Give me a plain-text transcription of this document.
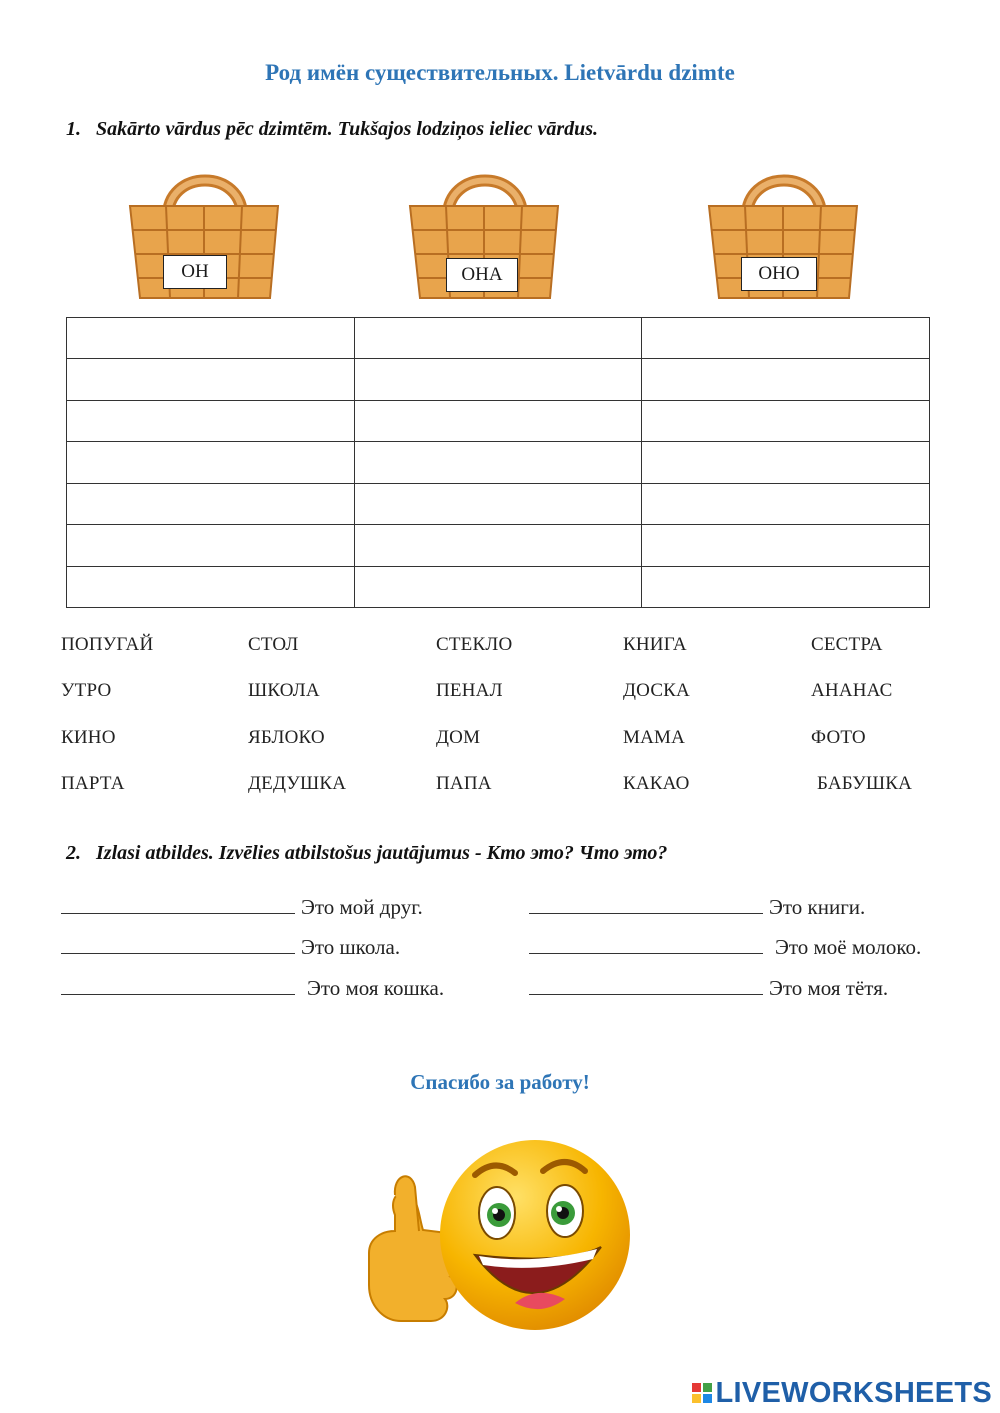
Род имён существительных. Lietvārdu dzimte
1. Sakārto vārdus pēc dzimtēm. Tukšajos lodziņos ieliec vārdus.
ОН	ОНА	ОНО

ПОПУГАЙ	СТОЛ	СТЕКЛО	КНИГА	СЕСТРА
УТРО	ШКОЛА	ПЕНАЛ	ДОСКА	АНАНАС
КИНО	ЯБЛОКО	ДОМ	МАМА	ФОТО
ПАРТА	ДЕДУШКА	ПАПА	КАКАО	БАБУШКА
2. Izlasi atbildes. Izvēlies atbilstošus jautājumus - Кто это? Что это?
Это мой друг.
Это школа.
Это моя кошка.
Это книги.
Это моё молоко.
Это моя тётя.
Спасибо за работу!
LIVEWORKSHEETS
